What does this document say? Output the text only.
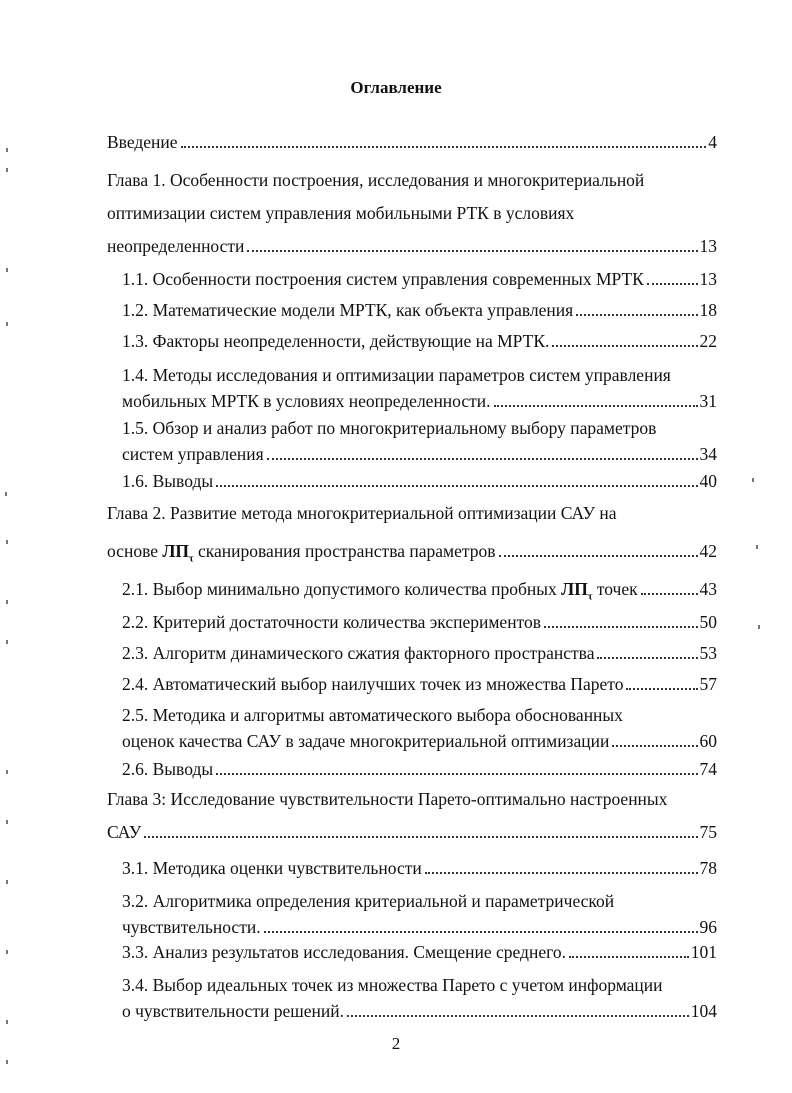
Оглавление
Введение	4
Глава 1. Особенности построения, исследования и многокритериальной
оптимизации систем управления мобильными РТК в условиях
неопределенности	13
1.1. Особенности построения систем управления современных МРТК	13
1.2. Математические модели МРТК, как объекта управления	18
1.3. Факторы неопределенности, действующие на МРТК.	22
1.4. Методы исследования и оптимизации параметров систем управления
мобильных МРТК в условиях неопределенности.	31
1.5. Обзор и анализ работ по многокритериальному выбору параметров
систем управления	34
1.6. Выводы	40
Глава 2. Развитие метода многокритериальной оптимизации САУ на
основе
$ЛП_\tau$
сканирования пространства параметров	42
2.1. Выбор минимально допустимого количества пробных
$ЛП_\tau$
точек	43
2.2. Критерий достаточности количества экспериментов	50
2.3. Алгоритм динамического сжатия факторного пространства	53
2.4. Автоматический выбор наилучших точек из множества Парето	57
2.5. Методика и алгоритмы автоматического выбора обоснованных
оценок качества САУ в задаче многокритериальной оптимизации	60
2.6. Выводы	74
Глава 3: Исследование чувствительности Парето-оптимально настроенных
САУ	75
3.1. Методика оценки чувствительности	78
3.2. Алгоритмика определения критериальной и параметрической
чувствительности.	96
3.3. Анализ результатов исследования. Смещение среднего.	101
3.4. Выбор идеальных точек из множества Парето с учетом информации
о чувствительности решений.	104
2
